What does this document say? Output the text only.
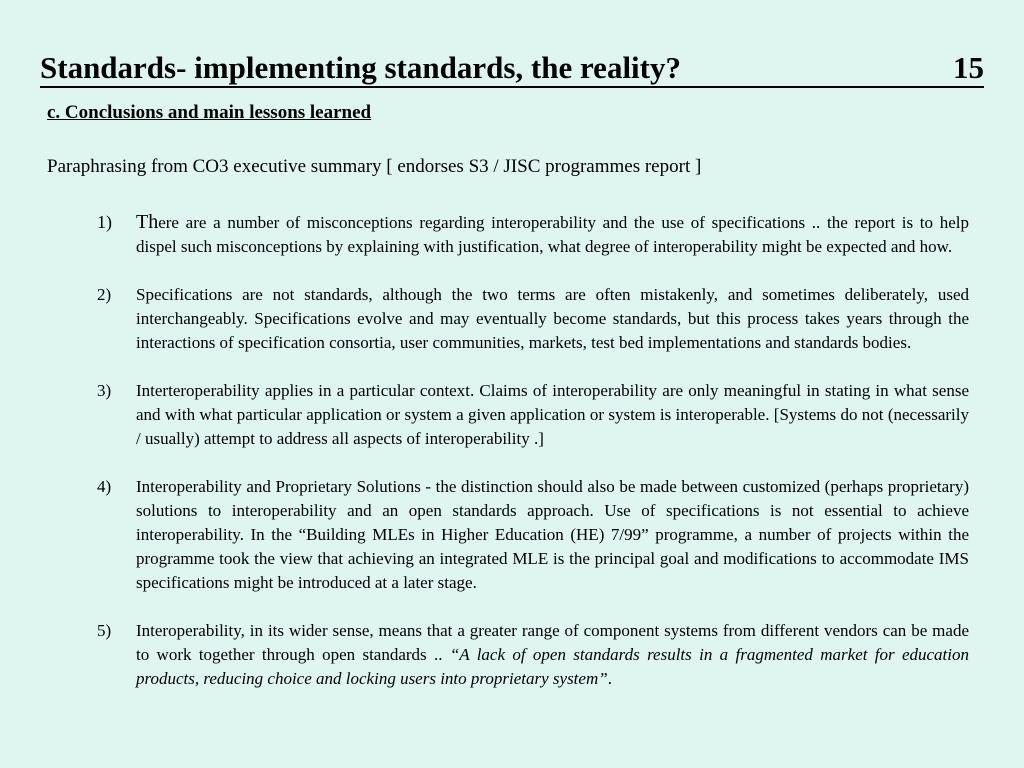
Standards- implementing standards, the reality?	15
c. Conclusions and main lessons learned
Paraphrasing from CO3 executive summary [ endorses S3 / JISC programmes report ]
1)	There are a number of misconceptions regarding interoperability and the use of specifications .. the report is to help dispel such misconceptions by explaining with justification, what degree of interoperability might be expected and how.
2)	Specifications are not standards, although the two terms are often mistakenly, and sometimes deliberately, used interchangeably. Specifications evolve and may eventually become standards, but this process takes years through the interactions of specification consortia, user communities, markets, test bed implementations and standards bodies.
3)	Interteroperability applies in a particular context. Claims of interoperability are only meaningful in stating in what sense and with what particular application or system a given application or system is interoperable. [Systems do not (necessarily / usually) attempt to address all aspects of interoperability .]
4)	Interoperability and Proprietary Solutions - the distinction should also be made between customized (perhaps proprietary) solutions to interoperability and an open standards approach. Use of specifications is not essential to achieve interoperability. In the “Building MLEs in Higher Education (HE) 7/99” programme, a number of projects within the programme took the view that achieving an integrated MLE is the principal goal and modifications to accommodate IMS specifications might be introduced at a later stage.
5)	Interoperability, in its wider sense, means that a greater range of component systems from different vendors can be made to work together through open standards .. “A lack of open standards results in a fragmented market for education products, reducing choice and locking users into proprietary system”.
